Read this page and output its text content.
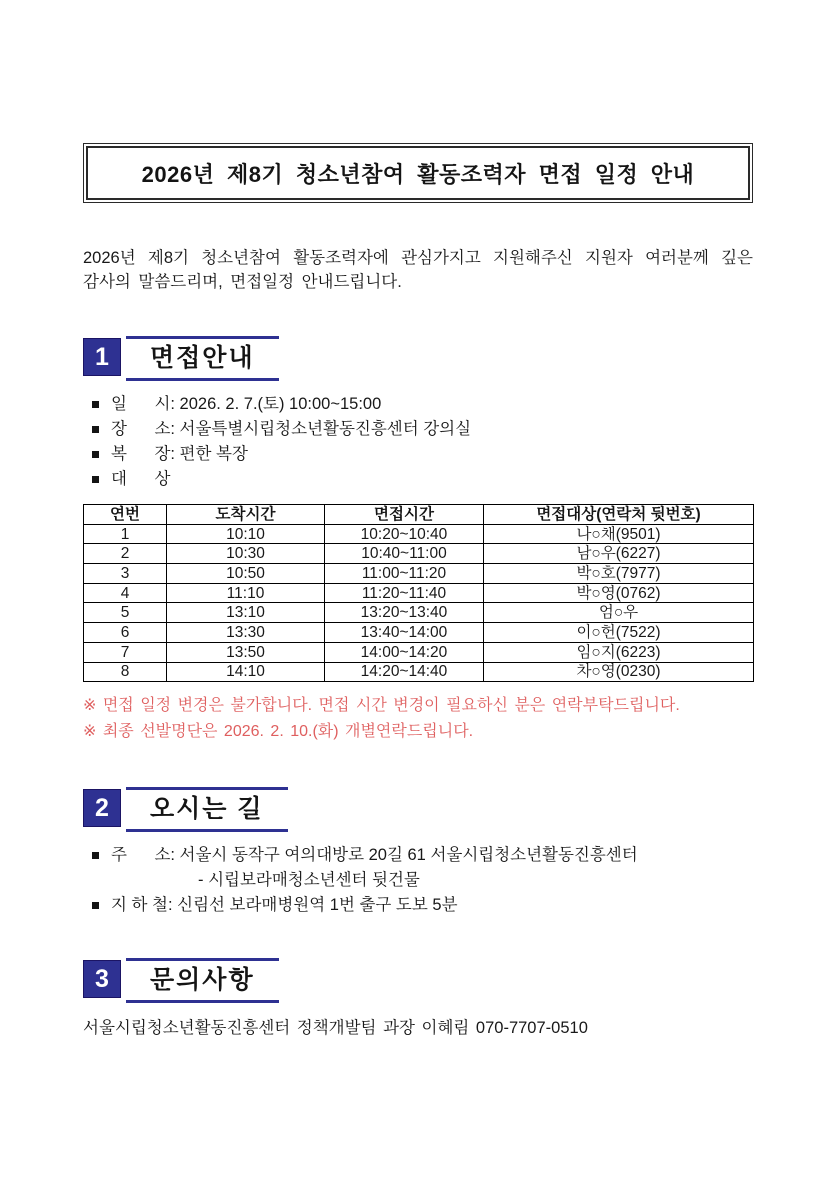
2026년 제8기 청소년참여 활동조력자 면접 일정 안내

2026년 제8기 청소년참여 활동조력자에 관심가지고 지원해주신 지원자 여러분께 깊은 감사의 말씀드리며, 면접일정 안내드립니다.

1	면접안내
일      시: 2026. 2. 7.(토) 10:00~15:00
장      소: 서울특별시립청소년활동진흥센터 강의실
복      장: 편한 복장
대      상
연번	도착시간	면접시간	면접대상(연락처 뒷번호)
1	10:10	10:20~10:40	나○채(9501)
2	10:30	10:40~11:00	남○우(6227)
3	10:50	11:00~11:20	박○호(7977)
4	11:10	11:20~11:40	박○영(0762)
5	13:10	13:20~13:40	엄○우
6	13:30	13:40~14:00	이○헌(7522)
7	13:50	14:00~14:20	임○지(6223)
8	14:10	14:20~14:40	차○영(0230)

※ 면접 일정 변경은 불가합니다. 면접 시간 변경이 필요하신 분은 연락부탁드립니다.

※ 최종 선발명단은 2026. 2. 10.(화) 개별연락드립니다.

2	오시는 길
주      소: 서울시 동작구 여의대방로 20길 61 서울시립청소년활동진흥센터

- 시립보라매청소년센터 뒷건물

지 하 철: 신림선 보라매병원역 1번 출구 도보 5분
3	문의사항

서울시립청소년활동진흥센터 정책개발팀 과장 이혜림 070-7707-0510
